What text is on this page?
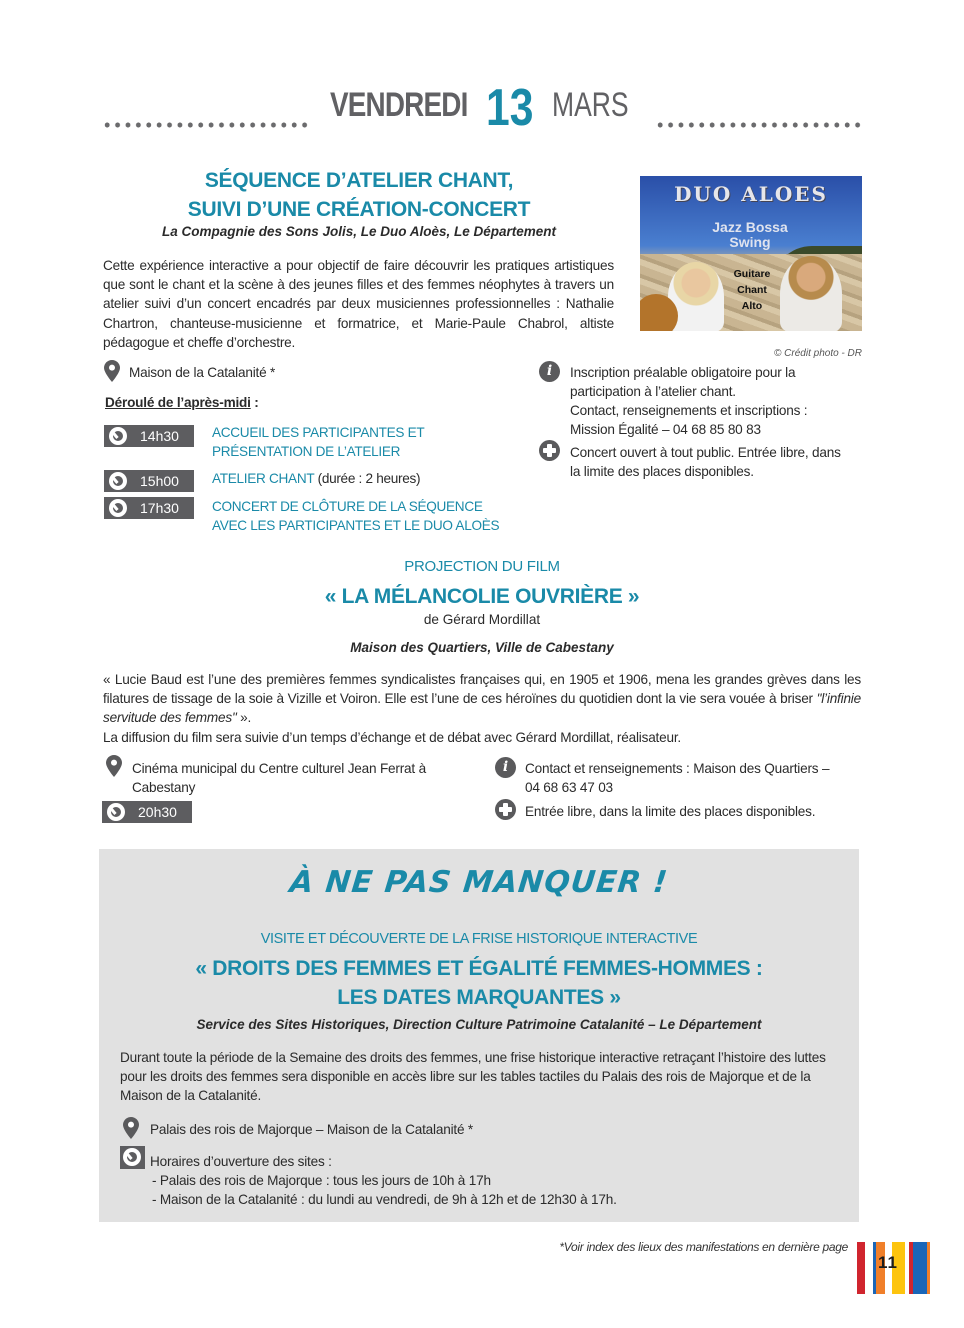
VENDREDI 13 MARS
SÉQUENCE D’ATELIER CHANT,
SUIVI D’UNE CRÉATION-CONCERT
La Compagnie des Sons Jolis, Le Duo Aloès, Le Département
Cette expérience interactive a pour objectif de faire découvrir les pratiques artistiques que sont le chant et la scène à des jeunes filles et des femmes néophytes à travers un atelier suivi d’un concert encadrés par deux musiciennes professionnelles : Nathalie Chartron, chanteuse-musicienne et formatrice, et Marie-Paule Chabrol, altiste pédagogue et cheffe d’orchestre.
DUO ALOES
Jazz Bossa
Swing
Guitare
Chant
Alto
© Crédit photo - DR
Maison de la Catalanité *
Déroulé de l’après-midi :
14h30 ACCUEIL DES PARTICIPANTES ET
PRÉSENTATION DE L’ATELIER
15h00 ATELIER CHANT (durée : 2 heures)
17h30 CONCERT DE CLÔTURE DE LA SÉQUENCE
AVEC LES PARTICIPANTES ET LE DUO ALOÈS
i	Inscription préalable obligatoire pour la
participation à l’atelier chant.
Contact, renseignements et inscriptions :
Mission Égalité – 04 68 85 80 83
Concert ouvert à tout public. Entrée libre, dans
la limite des places disponibles.
PROJECTION DU FILM
« LA MÉLANCOLIE OUVRIÈRE »
de Gérard Mordillat
Maison des Quartiers, Ville de Cabestany
« Lucie Baud est l’une des premières femmes syndicalistes françaises qui, en 1905 et 1906, mena les grandes grèves dans les filatures de tissage de la soie à Vizille et Voiron. Elle est l’une de ces héroïnes du quotidien dont la vie sera vouée à briser "l’infinie servitude des femmes" ».
La diffusion du film sera suivie d’un temps d’échange et de débat avec Gérard Mordillat, réalisateur.
Cinéma municipal du Centre culturel Jean Ferrat à
Cabestany
20h30
i	Contact et renseignements : Maison des Quartiers –
04 68 63 47 03
Entrée libre, dans la limite des places disponibles.
À NE PAS MANQUER !
VISITE ET DÉCOUVERTE DE LA FRISE HISTORIQUE INTERACTIVE
« DROITS DES FEMMES ET ÉGALITÉ FEMMES-HOMMES :
LES DATES MARQUANTES »
Service des Sites Historiques, Direction Culture Patrimoine Catalanité – Le Département
Durant toute la période de la Semaine des droits des femmes, une frise historique interactive retraçant l’histoire des luttes pour les droits des femmes sera disponible en accès libre sur les tables tactiles du Palais des rois de Majorque et de la Maison de la Catalanité.
Palais des rois de Majorque – Maison de la Catalanité *
Horaires d’ouverture des sites :
- Palais des rois de Majorque : tous les jours de 10h à 17h
- Maison de la Catalanité : du lundi au vendredi, de 9h à 12h et de 12h30 à 17h.
*Voir index des lieux des manifestations en dernière page
11
